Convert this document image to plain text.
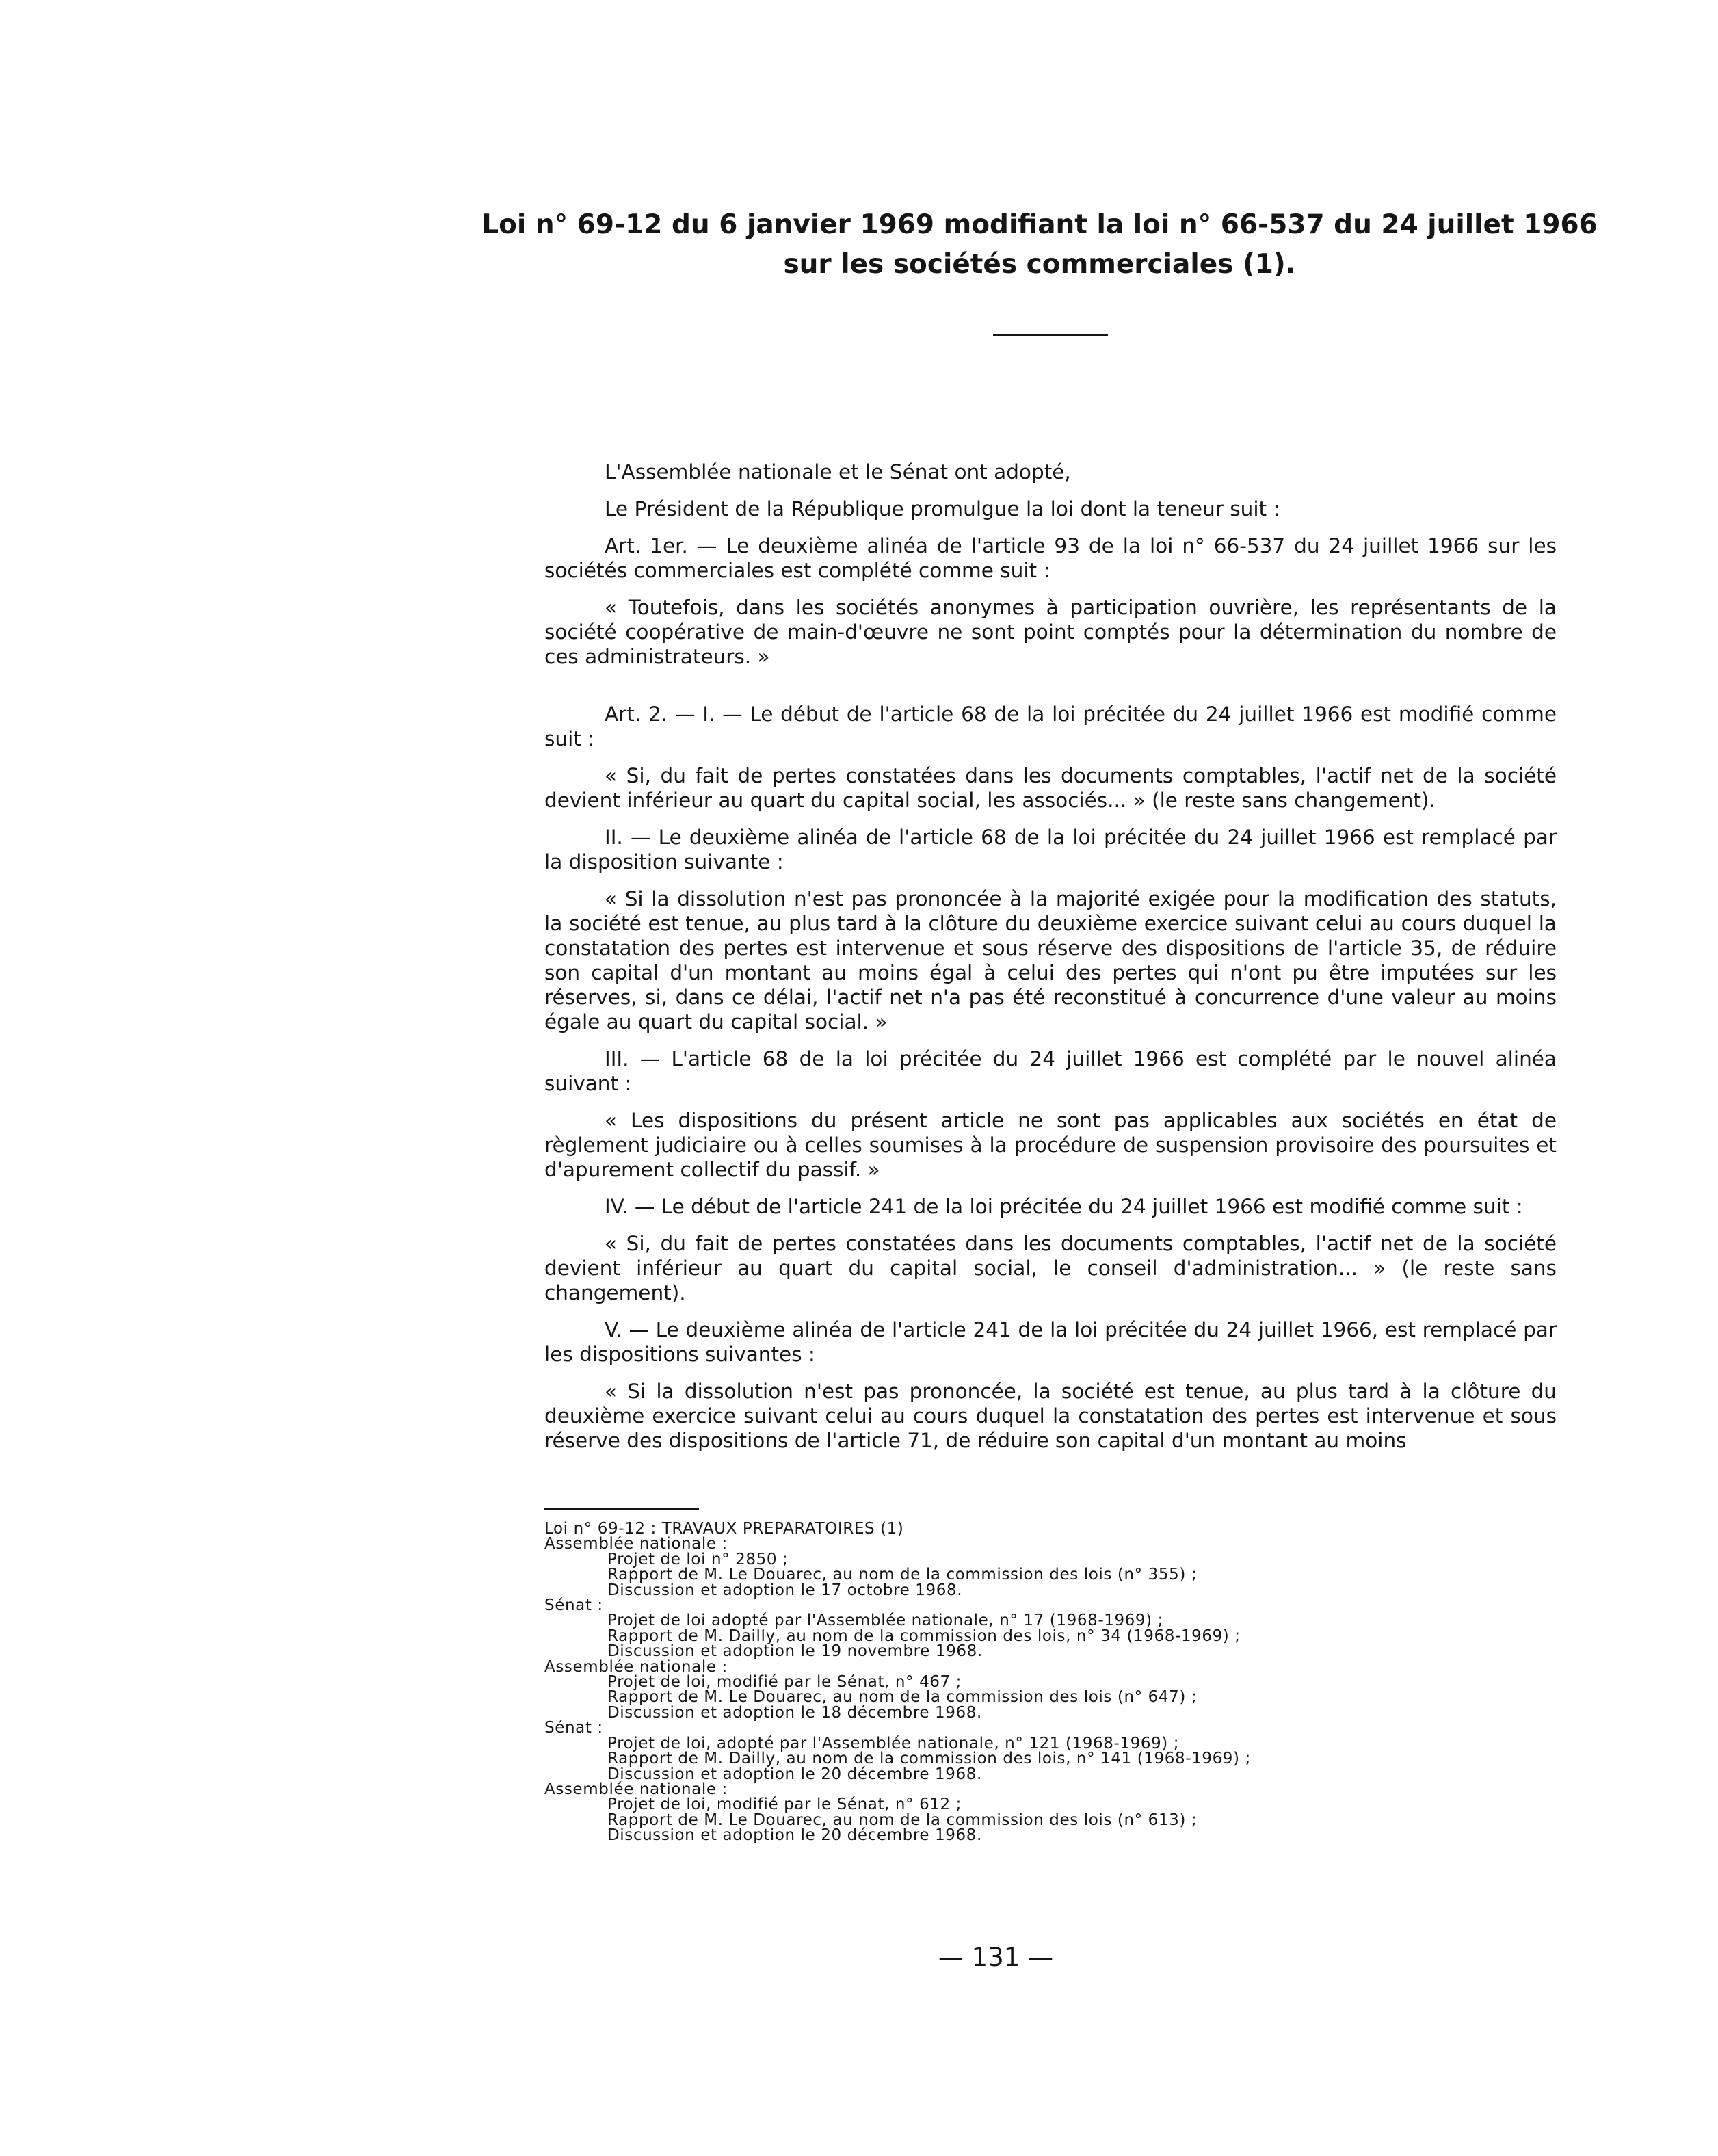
Loi n° 69-12 du 6 janvier 1969 modifiant la loi n° 66-537 du 24 juillet 1966
sur les sociétés commerciales (1).

L'Assemblée nationale et le Sénat ont adopté,

Le Président de la République promulgue la loi dont la teneur suit :

Art. 1er. — Le deuxième alinéa de l'article 93 de la loi n° 66-537 du 24 juillet 1966 sur les sociétés commerciales est complété comme suit :

« Toutefois, dans les sociétés anonymes à participation ouvrière, les représentants de la société coopérative de main-d'œuvre ne sont point comptés pour la détermination du nombre de ces administrateurs. »

Art. 2. — I. — Le début de l'article 68 de la loi précitée du 24 juillet 1966 est modifié comme suit :

« Si, du fait de pertes constatées dans les documents comptables, l'actif net de la société devient inférieur au quart du capital social, les associés... » (le reste sans changement).

II. — Le deuxième alinéa de l'article 68 de la loi précitée du 24 juillet 1966 est remplacé par la disposition suivante :

« Si la dissolution n'est pas prononcée à la majorité exigée pour la modification des statuts, la société est tenue, au plus tard à la clôture du deuxième exercice suivant celui au cours duquel la constatation des pertes est intervenue et sous réserve des dispositions de l'article 35, de réduire son capital d'un montant au moins égal à celui des pertes qui n'ont pu être imputées sur les réserves, si, dans ce délai, l'actif net n'a pas été reconstitué à concurrence d'une valeur au moins égale au quart du capital social. »

III. — L'article 68 de la loi précitée du 24 juillet 1966 est complété par le nouvel alinéa suivant :

« Les dispositions du présent article ne sont pas applicables aux sociétés en état de règlement judiciaire ou à celles soumises à la procédure de suspension provisoire des poursuites et d'apurement collectif du passif. »

IV. — Le début de l'article 241 de la loi précitée du 24 juillet 1966 est modifié comme suit :

« Si, du fait de pertes constatées dans les documents comptables, l'actif net de la société devient inférieur au quart du capital social, le conseil d'administration... » (le reste sans changement).

V. — Le deuxième alinéa de l'article 241 de la loi précitée du 24 juillet 1966, est remplacé par les dispositions suivantes :

« Si la dissolution n'est pas prononcée, la société est tenue, au plus tard à la clôture du deuxième exercice suivant celui au cours duquel la constatation des pertes est intervenue et sous réserve des dispositions de l'article 71, de réduire son capital d'un montant au moins

Loi n° 69-12 : TRAVAUX PREPARATOIRES (1)
Assemblée nationale :
Projet de loi n° 2850 ;
Rapport de M. Le Douarec, au nom de la commission des lois (n° 355) ;
Discussion et adoption le 17 octobre 1968.
Sénat :
Projet de loi adopté par l'Assemblée nationale, n° 17 (1968-1969) ;
Rapport de M. Dailly, au nom de la commission des lois, n° 34 (1968-1969) ;
Discussion et adoption le 19 novembre 1968.
Assemblée nationale :
Projet de loi, modifié par le Sénat, n° 467 ;
Rapport de M. Le Douarec, au nom de la commission des lois (n° 647) ;
Discussion et adoption le 18 décembre 1968.
Sénat :
Projet de loi, adopté par l'Assemblée nationale, n° 121 (1968-1969) ;
Rapport de M. Dailly, au nom de la commission des lois, n° 141 (1968-1969) ;
Discussion et adoption le 20 décembre 1968.
Assemblée nationale :
Projet de loi, modifié par le Sénat, n° 612 ;
Rapport de M. Le Douarec, au nom de la commission des lois (n° 613) ;
Discussion et adoption le 20 décembre 1968.
— 131 —
